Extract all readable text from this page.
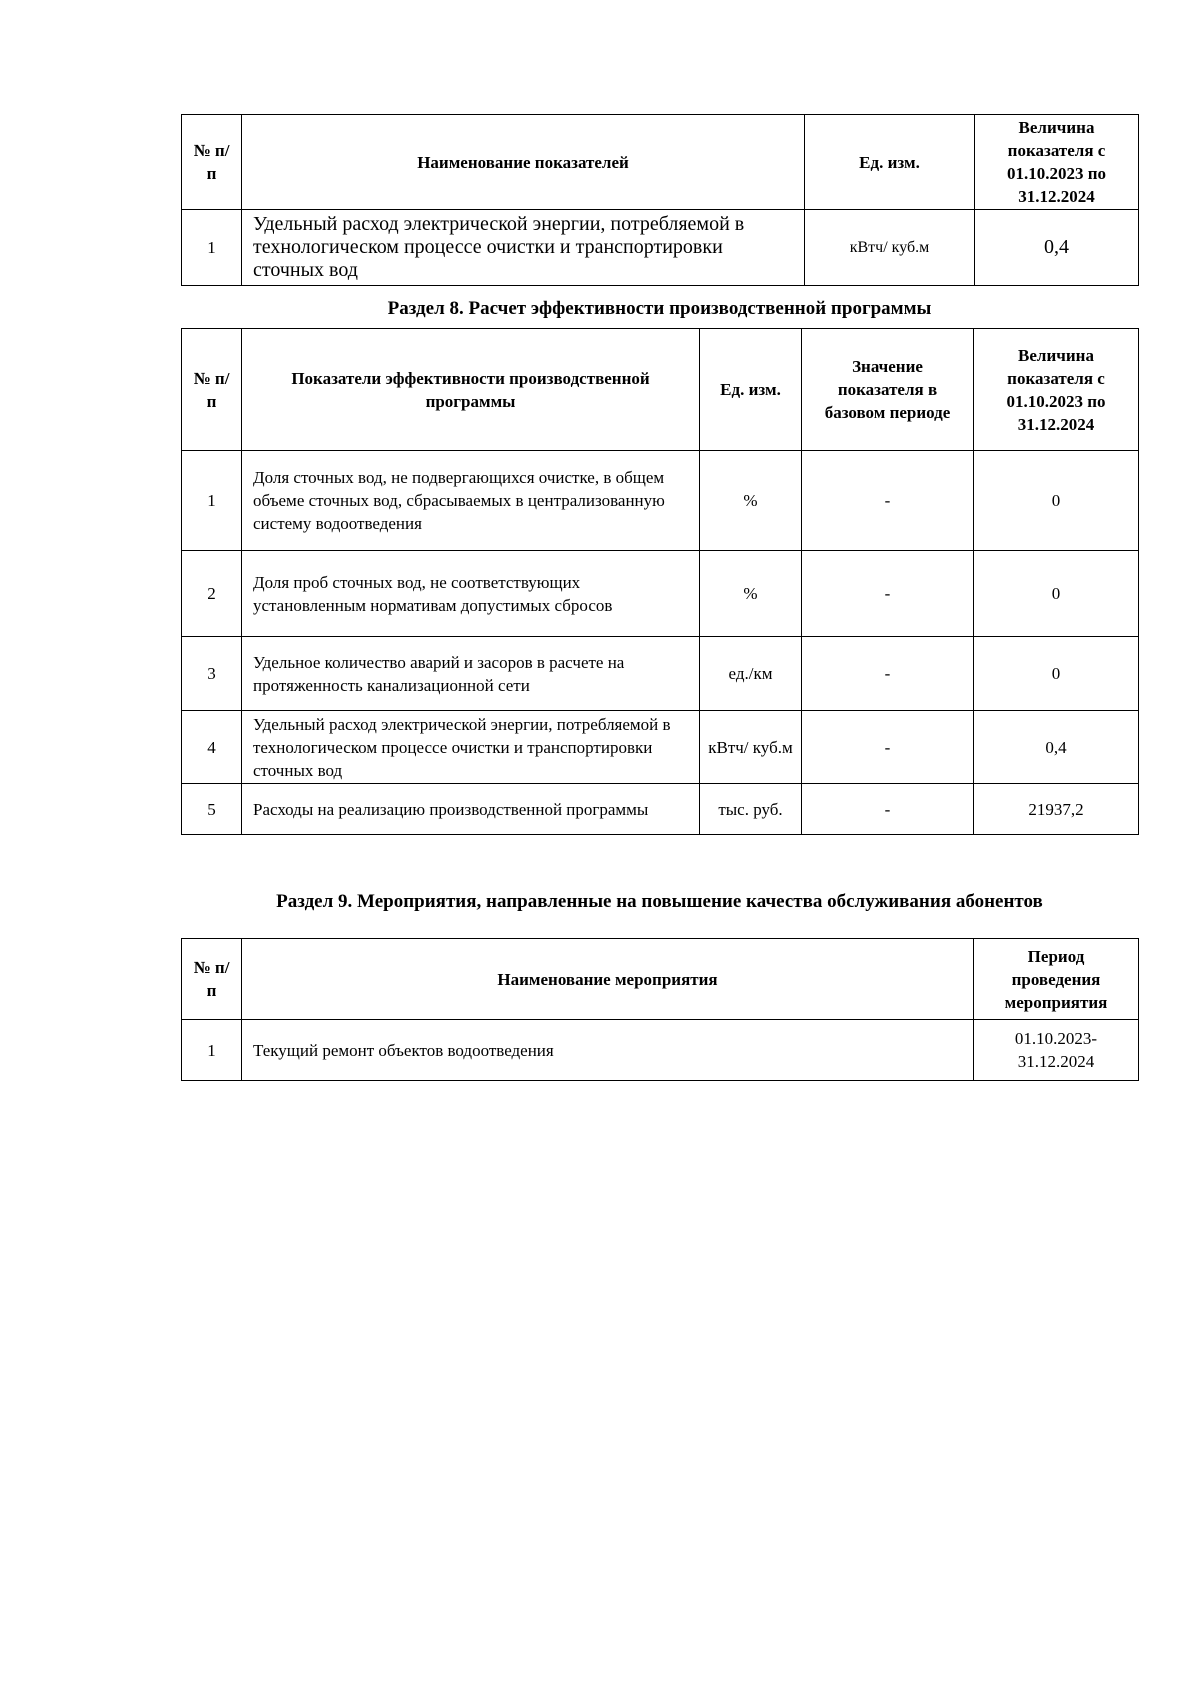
№ п/п	Наименование показателей	Ед. изм.	Величина показателя с 01.10.2023 по 31.12.2024
1	Удельный расход электрической энергии, потребляемой в технологическом процессе очистки и транспортировки сточных вод	кВтч/ куб.м	0,4
Раздел 8. Расчет эффективности производственной программы
№ п/п	Показатели эффективности производственной программы	Ед. изм.	Значение показателя в базовом периоде	Величина показателя с 01.10.2023 по 31.12.2024
1	Доля сточных вод, не подвергающихся очистке, в общем объеме сточных вод, сбрасываемых в централизованную систему водоотведения	%	-	0
2	Доля проб сточных вод, не соответствующих установленным нормативам допустимых сбросов	%	-	0
3	Удельное количество аварий и засоров в расчете на протяженность канализационной сети	ед./км	-	0
4	Удельный расход электрической энергии, потребляемой в технологическом процессе очистки и транспортировки сточных вод	кВтч/ куб.м	-	0,4
5	Расходы на реализацию производственной программы	тыс. руб.	-	21937,2
Раздел 9. Мероприятия, направленные на повышение качества обслуживания абонентов
№ п/п	Наименование мероприятия	Период проведения мероприятия
1	Текущий ремонт объектов водоотведения	01.10.2023- 31.12.2024
